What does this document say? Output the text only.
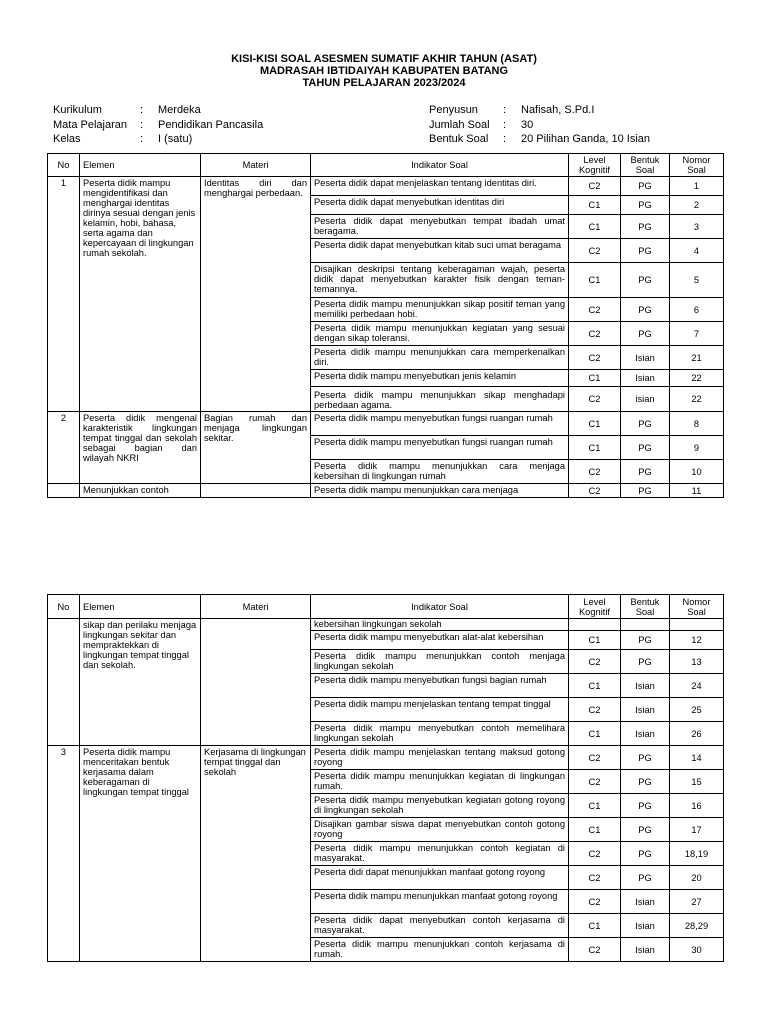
KISI-KISI SOAL ASESMEN SUMATIF AKHIR TAHUN (ASAT)
MADRASAH IBTIDAIYAH KABUPATEN BATANG
TAHUN PELAJARAN 2023/2024
Kurikulum	:	Merdeka
Mata Pelajaran	:	Pendidikan Pancasila
Kelas	:	I (satu)
Penyusun	:	Nafisah, S.Pd.I
Jumlah Soal	:	30
Bentuk Soal	:	20 Pilihan Ganda, 10 Isian
No	Elemen	Materi	Indikator Soal	Level Kognitif	Bentuk Soal	Nomor Soal
1	Peserta didik mampu mengidentifikasi dan menghargai identitas dirinya sesuai dengan jenis kelamin, hobi, bahasa, serta agama dan kepercayaan di lingkungan rumah sekolah.	Identitas diri dan menghargai perbedaan.	Peserta didik dapat menjelaskan tentang identitas diri.	C2	PG	1
			Peserta didik dapat menyebutkan identitas diri	C1	PG	2
			Peserta didik dapat menyebutkan tempat ibadah umat beragama.	C1	PG	3
			Peserta didik dapat menyebutkan kitab suci umat beragama	C2	PG	4
			Disajikan deskripsi tentang keberagaman wajah, peserta didik dapat menyebutkan karakter fisik dengan teman-temannya.	C1	PG	5
			Peserta didik mampu menunjukkan sikap positif teman yang memiliki perbedaan hobi.	C2	PG	6
			Peserta didik mampu menunjukkan kegiatan yang sesuai dengan sikap toleransi.	C2	PG	7
			Peserta didik mampu menunjukkan cara memperkenalkan diri.	C2	Isian	21
			Peserta didik mampu menyebutkan jenis kelamin	C1	Isian	22
			Peserta didik mampu menunjukkan sikap menghadapi perbedaan agama.	C2	isian	22
2	Peserta didik mengenal karakteristik lingkungan tempat tinggal dan sekolah sebagai bagian dari wilayah NKRI	Bagian rumah dan menjaga lingkungan sekitar.	Peserta didik mampu menyebutkan fungsi ruangan rumah	C1	PG	8
			Peserta didik mampu menyebutkan fungsi ruangan rumah	C1	PG	9
			Peserta didik mampu menunjukkan cara menjaga kebersihan di lingkungan rumah	C2	PG	10
	Menunjukkan contoh		Peserta didik mampu menunjukkan cara menjaga	C2	PG	11
No	Elemen	Materi	Indikator Soal	Level Kognitif	Bentuk Soal	Nomor Soal
	sikap dan perilaku menjaga lingkungan sekitar dan mempraktekkan di lingkungan tempat tinggal dan sekolah.		kebersihan lingkungan sekolah			
			Peserta didik mampu menyebutkan alat-alat kebersihan	C1	PG	12
			Peserta didik mampu menunjukkan contoh menjaga lingkungan sekolah	C2	PG	13
			Peserta didik mampu menyebutkan fungsi bagian rumah	C1	Isian	24
			Peserta didik mampu menjelaskan tentang tempat tinggal	C2	Isian	25
			Peserta didik mampu menyebutkan contoh memelihara lingkungan sekolah	C1	Isian	26
3	Peserta didik mampu menceritakan bentuk kerjasama dalam keberagaman di lingkungan tempat tinggal	Kerjasama di lingkungan tempat tinggal dan sekolah	Peserta didik mampu menjelaskan tentang maksud gotong royong	C2	PG	14
			Peserta didik mampu menunjukkan kegiatan di lingkungan rumah.	C2	PG	15
			Peserta didik mampu menyebutkan kegiatan gotong royong di lingkungan sekolah	C1	PG	16
			Disajikan gambar siswa dapat menyebutkan contoh gotong royong	C1	PG	17
			Peserta didik mampu menunjukkan contoh kegiatan di masyarakat.	C2	PG	18,19
			Peserta didi dapat menunjukkan manfaat gotong royong	C2	PG	20
			Peserta didik mampu menunjukkan manfaat gotong royong	C2	Isian	27
			Peserta didik dapat menyebutkan contoh kerjasama di masyarakat.	C1	Isian	28,29
			Peserta didik mampu menunjukkan contoh kerjasama di rumah.	C2	Isian	30
